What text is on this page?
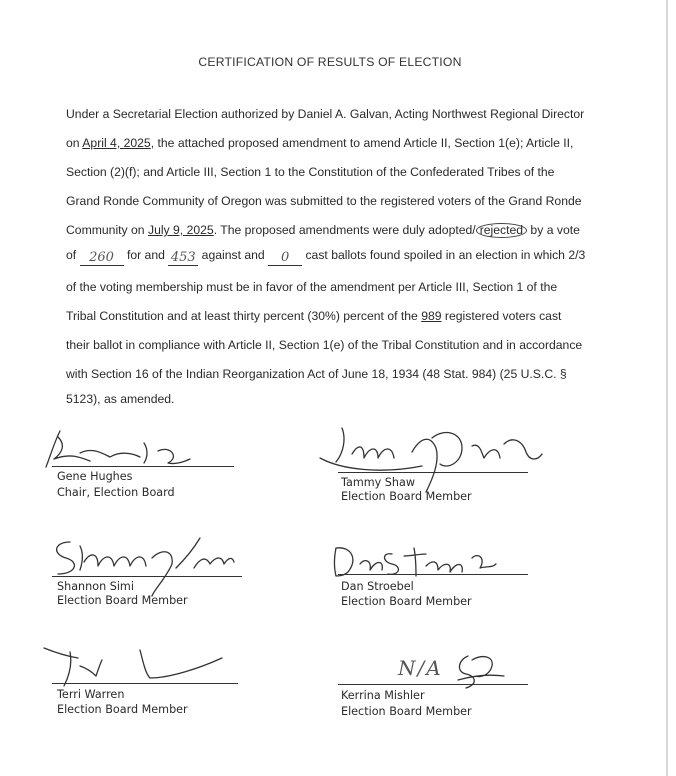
CERTIFICATION OF RESULTS OF ELECTION
Under a Secretarial Election authorized by Daniel A. Galvan, Acting Northwest Regional Director
on April 4, 2025, the attached proposed amendment to amend Article II, Section 1(e); Article II,
Section (2)(f); and Article III, Section 1 to the Constitution of the Confederated Tribes of the
Grand Ronde Community of Oregon was submitted to the registered voters of the Grand Ronde
Community on July 9, 2025. The proposed amendments were duly adopted/ rejected by a vote
of 260 for and 453 against and 0 cast ballots found spoiled in an election in which 2/3
of the voting membership must be in favor of the amendment per Article III, Section 1 of the
Tribal Constitution and at least thirty percent (30%) percent of the 989 registered voters cast
their ballot in compliance with Article II, Section 1(e) of the Tribal Constitution and in accordance
with Section 16 of the Indian Reorganization Act of June 18, 1934 (48 Stat. 984) (25 U.S.C. §
5123), as amended.
Gene Hughes
Chair, Election Board
Tammy Shaw
Election Board Member
Shannon Simi
Election Board Member
Dan Stroebel
Election Board Member
Terri Warren
Election Board Member
N/A
Kerrina Mishler
Election Board Member
